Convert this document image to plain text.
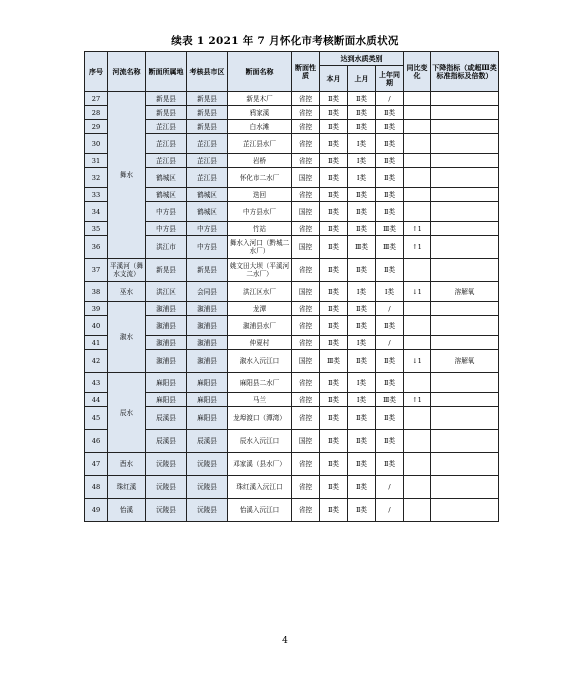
续表 1 2021 年 7 月怀化市考核断面水质状况
序号	河流名称	断面所属地	考核县市区	断面名称	断面性质	达到水质类别			同比变化	下降指标（或超Ⅲ类标准指标及倍数）
						本月	上月	上年同期		
27	舞水	新晃县	新晃县	新晃木厂	省控	Ⅱ类	Ⅱ类	/		
28		新晃县	新晃县	鸦家溪	省控	Ⅱ类	Ⅱ类	Ⅱ类		
29		芷江县	新晃县	白水滩	省控	Ⅱ类	Ⅱ类	Ⅱ类		
30		芷江县	芷江县	芷江县水厂	省控	Ⅱ类	Ⅰ类	Ⅱ类		
31		芷江县	芷江县	岩桥	省控	Ⅱ类	Ⅰ类	Ⅱ类		
32		鹤城区	芷江县	怀化市二水厂	国控	Ⅱ类	Ⅰ类	Ⅱ类		
33		鹤城区	鹤城区	迭回	省控	Ⅱ类	Ⅱ类	Ⅱ类		
34		中方县	鹤城区	中方县水厂	国控	Ⅱ类	Ⅱ类	Ⅱ类		
35		中方县	中方县	竹站	省控	Ⅱ类	Ⅱ类	Ⅲ类	↑1	
36		洪江市	中方县	舞水入河口（黔城二水厂）	国控	Ⅱ类	Ⅲ类	Ⅲ类	↑1	
37	平溪河（舞水支流）	新晃县	新晃县	姚文田大坝（平溪河二水厂）	省控	Ⅱ类	Ⅱ类	Ⅱ类		
38	巫水	洪江区	会同县	洪江区水厂	国控	Ⅱ类	Ⅰ类	Ⅰ类	↓1	溶解氧
39	溆水	溆浦县	溆浦县	龙潭	省控	Ⅱ类	Ⅱ类	/		
40		溆浦县	溆浦县	溆浦县水厂	省控	Ⅱ类	Ⅱ类	Ⅱ类		
41		溆浦县	溆浦县	仲夏村	省控	Ⅱ类	Ⅰ类	/		
42		溆浦县	溆浦县	溆水入沅江口	国控	Ⅲ类	Ⅱ类	Ⅱ类	↓1	溶解氧
43	辰水	麻阳县	麻阳县	麻阳县二水厂	省控	Ⅱ类	Ⅰ类	Ⅱ类		
44		麻阳县	麻阳县	马兰	省控	Ⅱ类	Ⅰ类	Ⅲ类	↑1	
45		辰溪县	麻阳县	龙埠渡口（潭湾）	省控	Ⅱ类	Ⅱ类	Ⅱ类		
46		辰溪县	辰溪县	辰水入沅江口	国控	Ⅱ类	Ⅱ类	Ⅱ类		
47	酉水	沅陵县	沅陵县	邓家溪（县水厂）	省控	Ⅱ类	Ⅱ类	Ⅱ类		
48	珠红溪	沅陵县	沅陵县	珠红溪入沅江口	省控	Ⅱ类	Ⅱ类	/		
49	怡溪	沅陵县	沅陵县	怡溪入沅江口	省控	Ⅱ类	Ⅱ类	/		
4
